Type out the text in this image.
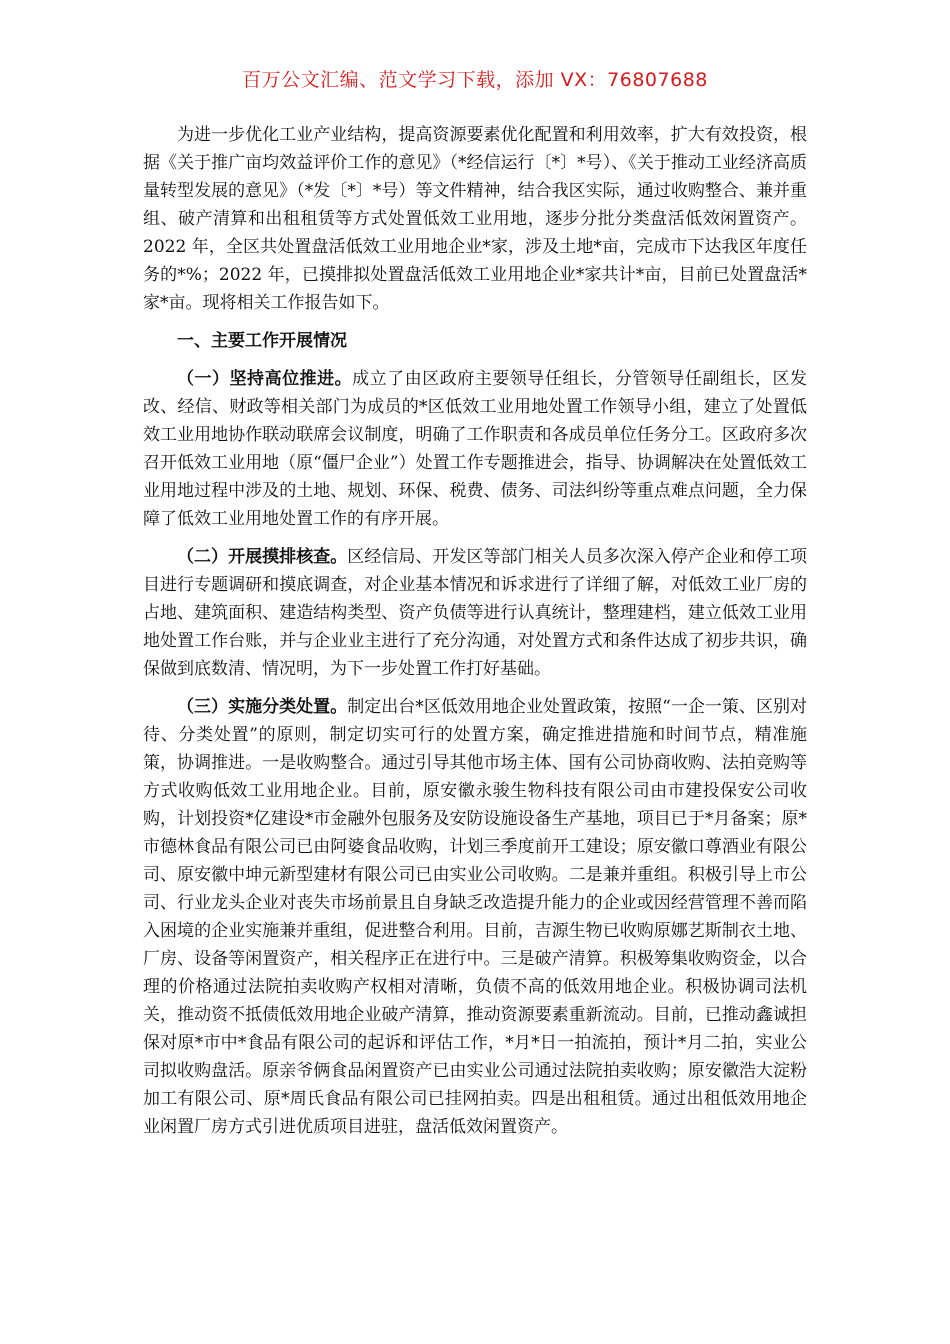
百万公文汇编、范文学习下载，添加 VX：76807688

为进一步优化工业产业结构，提高资源要素优化配置和利用效率，扩大有效投资，根据《关于推广亩均效益评价工作的意见》（*经信运行〔*〕*号）、《关于推动工业经济高质量转型发展的意见》（*发〔*〕*号）等文件精神，结合我区实际，通过收购整合、兼并重组、破产清算和出租租赁等方式处置低效工业用地，逐步分批分类盘活低效闲置资产。2022 年，全区共处置盘活低效工业用地企业*家，涉及土地*亩，完成市下达我区年度任务的*%；2022 年，已摸排拟处置盘活低效工业用地企业*家共计*亩，目前已处置盘活*家*亩。现将相关工作报告如下。

一、主要工作开展情况

（一）坚持高位推进。成立了由区政府主要领导任组长，分管领导任副组长，区发改、经信、财政等相关部门为成员的*区低效工业用地处置工作领导小组，建立了处置低效工业用地协作联动联席会议制度，明确了工作职责和各成员单位任务分工。区政府多次召开低效工业用地（原“僵尸企业”）处置工作专题推进会，指导、协调解决在处置低效工业用地过程中涉及的土地、规划、环保、税费、债务、司法纠纷等重点难点问题，全力保障了低效工业用地处置工作的有序开展。

（二）开展摸排核查。区经信局、开发区等部门相关人员多次深入停产企业和停工项目进行专题调研和摸底调查，对企业基本情况和诉求进行了详细了解，对低效工业厂房的占地、建筑面积、建造结构类型、资产负债等进行认真统计，整理建档，建立低效工业用地处置工作台账，并与企业业主进行了充分沟通，对处置方式和条件达成了初步共识，确保做到底数清、情况明，为下一步处置工作打好基础。

（三）实施分类处置。制定出台*区低效用地企业处置政策，按照“一企一策、区别对待、分类处置”的原则，制定切实可行的处置方案，确定推进措施和时间节点，精准施策，协调推进。一是收购整合。通过引导其他市场主体、国有公司协商收购、法拍竞购等方式收购低效工业用地企业。目前，原安徽永骏生物科技有限公司由市建投保安公司收购，计划投资*亿建设*市金融外包服务及安防设施设备生产基地，项目已于*月备案；原*市德林食品有限公司已由阿婆食品收购，计划三季度前开工建设；原安徽口尊酒业有限公司、原安徽中坤元新型建材有限公司已由实业公司收购。二是兼并重组。积极引导上市公司、行业龙头企业对丧失市场前景且自身缺乏改造提升能力的企业或因经营管理不善而陷入困境的企业实施兼并重组，促进整合利用。目前，吉源生物已收购原娜艺斯制衣土地、厂房、设备等闲置资产，相关程序正在进行中。三是破产清算。积极筹集收购资金，以合理的价格通过法院拍卖收购产权相对清晰，负债不高的低效用地企业。积极协调司法机关，推动资不抵债低效用地企业破产清算，推动资源要素重新流动。目前，已推动鑫诚担保对原*市中*食品有限公司的起诉和评估工作，*月*日一拍流拍，预计*月二拍，实业公司拟收购盘活。原亲爷俩食品闲置资产已由实业公司通过法院拍卖收购；原安徽浩大淀粉加工有限公司、原*周氏食品有限公司已挂网拍卖。四是出租租赁。通过出租低效用地企业闲置厂房方式引进优质项目进驻，盘活低效闲置资产。
